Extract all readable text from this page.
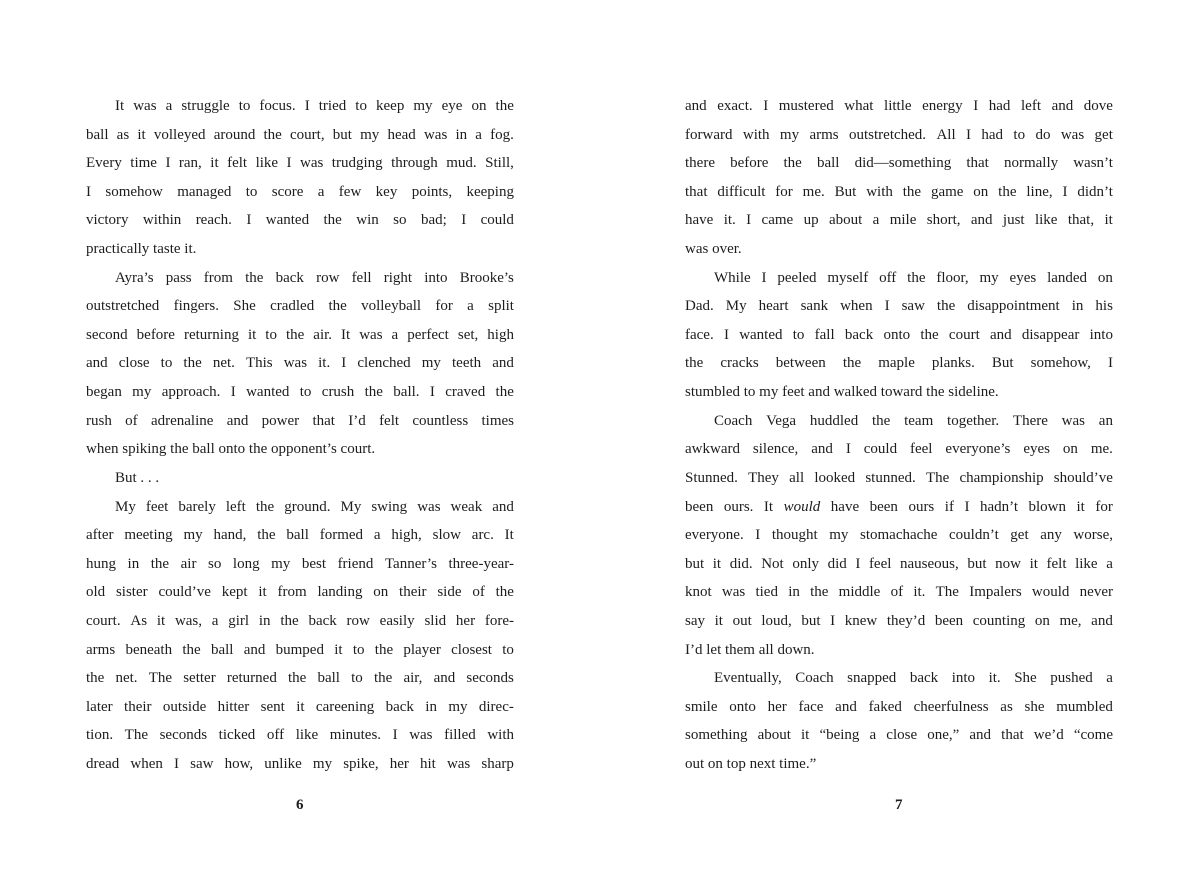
It was a struggle to focus. I tried to keep my eye on the
ball as it volleyed around the court, but my head was in a fog.
Every time I ran, it felt like I was trudging through mud. Still,
I somehow managed to score a few key points, keeping
victory within reach. I wanted the win so bad; I could
practically taste it.
Ayra’s pass from the back row fell right into Brooke’s
outstretched fingers. She cradled the volleyball for a split
second before returning it to the air. It was a perfect set, high
and close to the net. This was it. I clenched my teeth and
began my approach. I wanted to crush the ball. I craved the
rush of adrenaline and power that I’d felt countless times
when spiking the ball onto the opponent’s court.
But . . .
My feet barely left the ground. My swing was weak and
after meeting my hand, the ball formed a high, slow arc. It
hung in the air so long my best friend Tanner’s three-year-
old sister could’ve kept it from landing on their side of the
court. As it was, a girl in the back row easily slid her fore-
arms beneath the ball and bumped it to the player closest to
the net. The setter returned the ball to the air, and seconds
later their outside hitter sent it careening back in my direc-
tion. The seconds ticked off like minutes. I was filled with
dread when I saw how, unlike my spike, her hit was sharp
6
and exact. I mustered what little energy I had left and dove
forward with my arms outstretched. All I had to do was get
there before the ball did—something that normally wasn’t
that difficult for me. But with the game on the line, I didn’t
have it. I came up about a mile short, and just like that, it
was over.
While I peeled myself off the floor, my eyes landed on
Dad. My heart sank when I saw the disappointment in his
face. I wanted to fall back onto the court and disappear into
the cracks between the maple planks. But somehow, I
stumbled to my feet and walked toward the sideline.
Coach Vega huddled the team together. There was an
awkward silence, and I could feel everyone’s eyes on me.
Stunned. They all looked stunned. The championship should’ve
been ours. It would have been ours if I hadn’t blown it for
everyone. I thought my stomachache couldn’t get any worse,
but it did. Not only did I feel nauseous, but now it felt like a
knot was tied in the middle of it. The Impalers would never
say it out loud, but I knew they’d been counting on me, and
I’d let them all down.
Eventually, Coach snapped back into it. She pushed a
smile onto her face and faked cheerfulness as she mumbled
something about it “being a close one,” and that we’d “come
out on top next time.”
7
